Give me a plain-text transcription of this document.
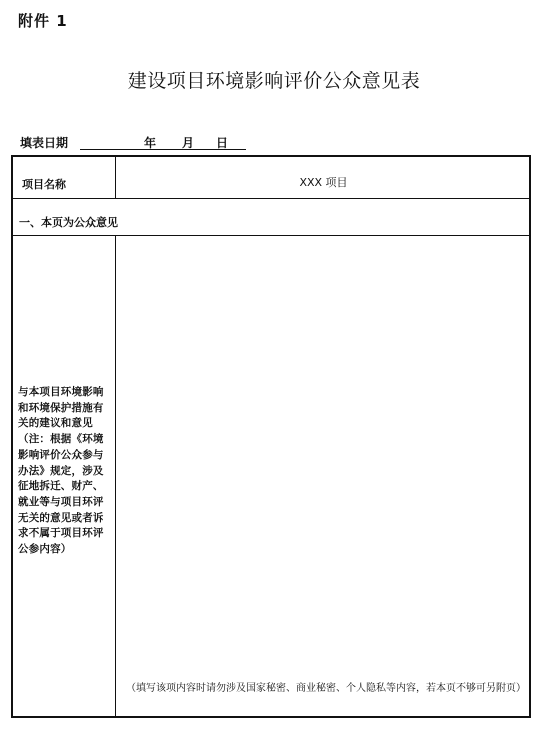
附件 1
建设项目环境影响评价公众意见表
填表日期	年 月 日
项目名称	XXX 项目
一、本页为公众意见
与本项目环境影响和环境保护措施有关的建议和意见（注：根据《环境影响评价公众参与办法》规定，涉及征地拆迁、财产、就业等与项目环评无关的意见或者诉求不属于项目环评公参内容）
（填写该项内容时请勿涉及国家秘密、商业秘密、个人隐私等内容，若本页不够可另附页）
